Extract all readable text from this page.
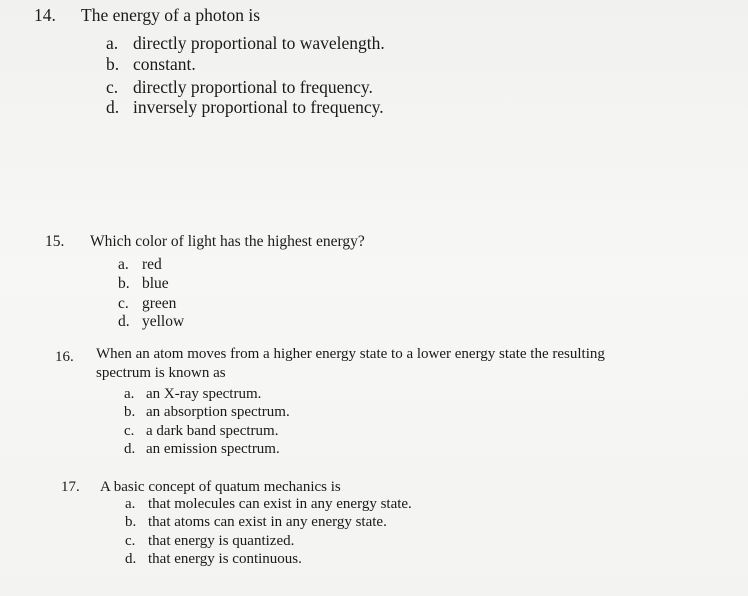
14. The energy of a photon is
a. directly proportional to wavelength.
b. constant.
c. directly proportional to frequency.
d. inversely proportional to frequency.
15. Which color of light has the highest energy?
a. red
b. blue
c. green
d. yellow
16. When an atom moves from a higher energy state to a lower energy state the resulting
spectrum is known as
a. an X-ray spectrum.
b. an absorption spectrum.
c. a dark band spectrum.
d. an emission spectrum.
17. A basic concept of quatum mechanics is
a. that molecules can exist in any energy state.
b. that atoms can exist in any energy state.
c. that energy is quantized.
d. that energy is continuous.
